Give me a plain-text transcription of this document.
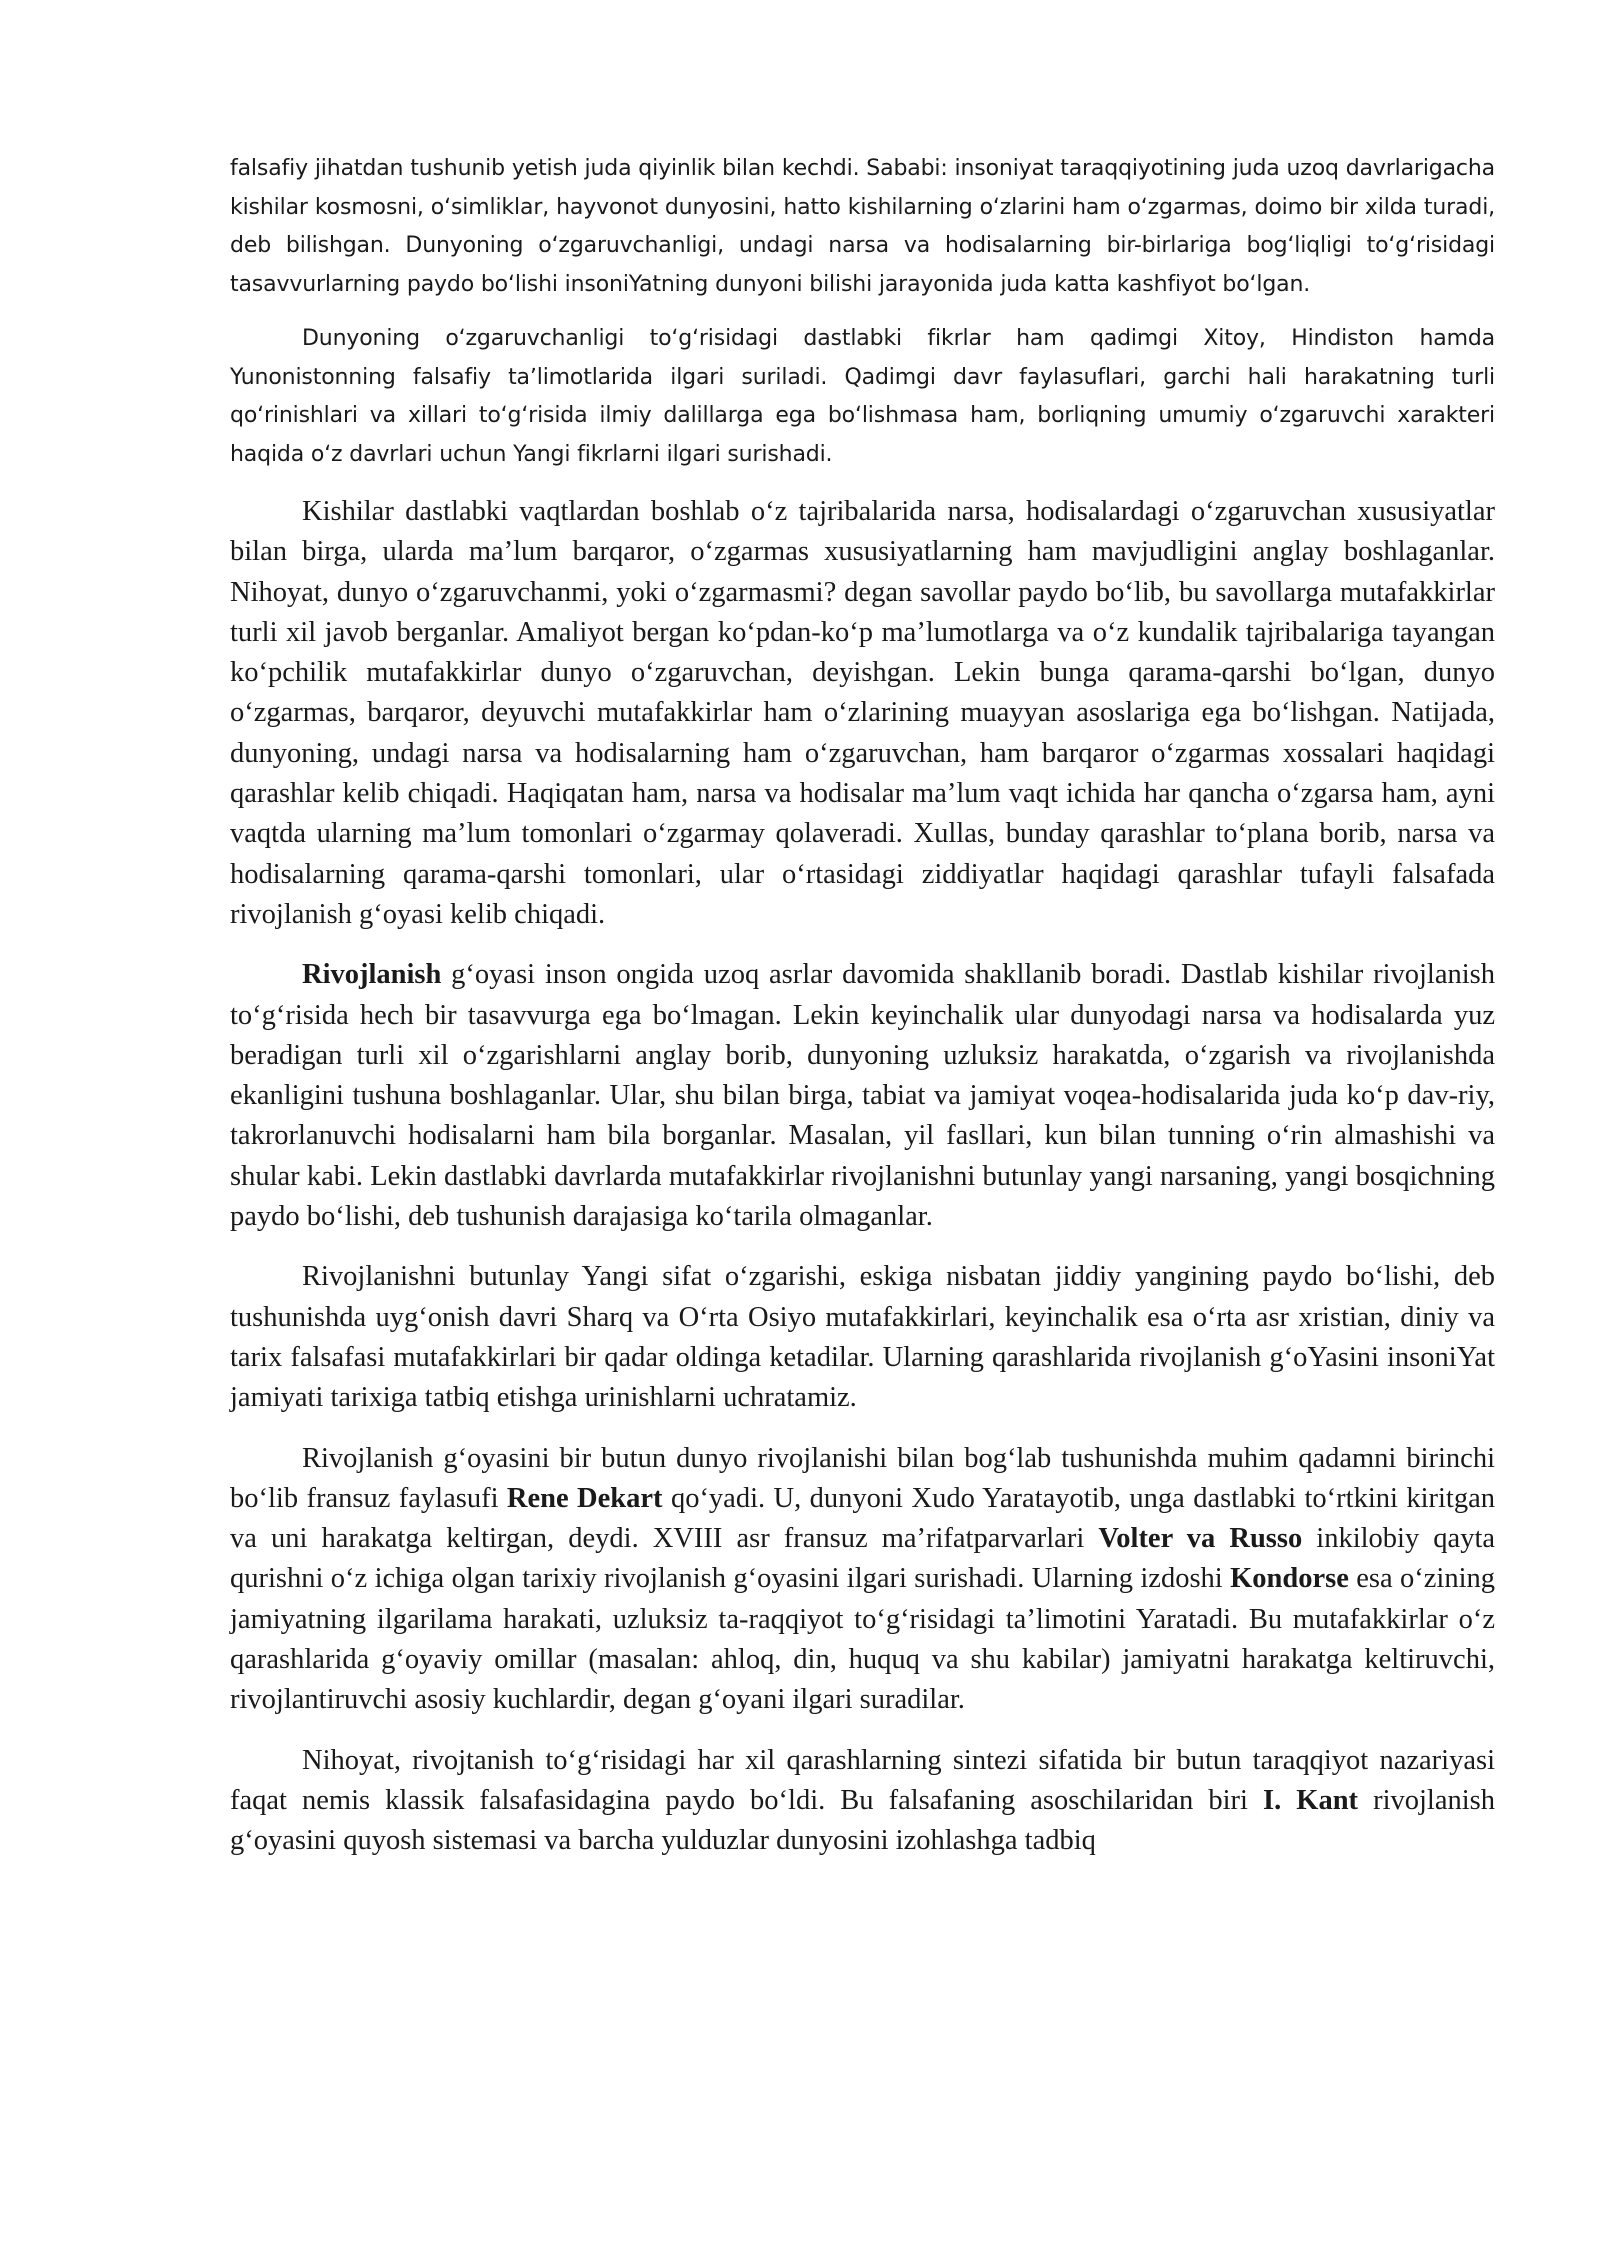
falsafiy jihatdan tushunib yetish juda qiyinlik bilan kechdi. Sababi: insoniyat taraqqiyotining juda uzoq davrlarigacha kishilar kosmosni, oʻsimliklar, hayvonot dunyosini, hatto kishilarning oʻzlarini ham oʻzgarmas, doimo bir xilda turadi, deb bilishgan. Dunyoning oʻzgaruvchanligi, undagi narsa va hodisalarning bir-birlariga bogʻliqligi toʻgʻrisidagi tasavvurlarning paydo boʻlishi insoniYatning dunyoni bilishi jarayonida juda katta kashfiyot boʻlgan.

Dunyoning oʻzgaruvchanligi toʻgʻrisidagi dastlabki fikrlar ham qadimgi Xitoy, Hindiston hamda Yunonistonning falsafiy taʼlimotlarida ilgari suriladi. Qadimgi davr faylasuflari, garchi hali harakatning turli qoʻrinishlari va xillari toʻgʻrisida ilmiy dalillarga ega boʻlishmasa ham, borliqning umumiy oʻzgaruvchi xarakteri haqida oʻz davrlari uchun Yangi fikrlarni ilgari surishadi.

Kishilar dastlabki vaqtlardan boshlab oʻz tajribalarida narsa, hodisalardagi oʻzgaruvchan xususiyatlar bilan birga, ularda maʼlum barqaror, oʻzgarmas xususiyatlarning ham mavjudligini anglay boshlaganlar. Nihoyat, dunyo oʻzgaruvchanmi, yoki oʻzgarmasmi? degan savollar paydo boʻlib, bu savollarga mutafakkirlar turli xil javob berganlar. Amaliyot bergan koʻpdan-koʻp maʼlumotlarga va oʻz kundalik tajribalariga tayangan koʻpchilik mutafakkirlar dunyo oʻzgaruvchan, deyishgan. Lekin bunga qarama-qarshi boʻlgan, dunyo oʻzgarmas, barqaror, deyuvchi mutafakkirlar ham oʻzlarining muayyan asoslariga ega boʻlishgan. Natijada, dunyoning, undagi narsa va hodisalarning ham oʻzgaruvchan, ham barqaror oʻzgarmas xossalari haqidagi qarashlar kelib chiqadi. Haqiqatan ham, narsa va hodisalar maʼlum vaqt ichida har qancha oʻzgarsa ham, ayni vaqtda ularning maʼlum tomonlari oʻzgarmay qolaveradi. Xullas, bunday qarashlar toʻplana borib, narsa va hodisalarning qarama-qarshi tomonlari, ular oʻrtasidagi ziddiyatlar haqidagi qarashlar tufayli falsafada rivojlanish gʻoyasi kelib chiqadi.

Rivojlanish gʻoyasi inson ongida uzoq asrlar davomida shakllanib boradi. Dastlab kishilar rivojlanish toʻgʻrisida hech bir tasavvurga ega boʻlmagan. Lekin keyinchalik ular dunyodagi narsa va hodisalarda yuz beradigan turli xil oʻzgarishlarni anglay borib, dunyoning uzluksiz harakatda, oʻzgarish va rivojlanishda ekanligini tushuna boshlaganlar. Ular, shu bilan birga, tabiat va jamiyat voqea-hodisalarida juda koʻp dav-riy, takrorlanuvchi hodisalarni ham bila borganlar. Masalan, yil fasllari, kun bilan tunning oʻrin almashishi va shular kabi. Lekin dastlabki davrlarda mutafakkirlar rivojlanishni butunlay yangi narsaning, yangi bosqichning paydo boʻlishi, deb tushunish darajasiga koʻtarila olmaganlar.

Rivojlanishni butunlay Yangi sifat oʻzgarishi, eskiga nisbatan jiddiy yangining paydo boʻlishi, deb tushunishda uygʻonish davri Sharq va Oʻrta Osiyo mutafakkirlari, keyinchalik esa oʻrta asr xristian, diniy va tarix falsafasi mutafakkirlari bir qadar oldinga ketadilar. Ularning qarashlarida rivojlanish gʻoYasini insoniYat jamiyati tarixiga tatbiq etishga urinishlarni uchratamiz.

Rivojlanish gʻoyasini bir butun dunyo rivojlanishi bilan bogʻlab tushunishda muhim qadamni birinchi boʻlib fransuz faylasufi Rene Dekart qoʻyadi. U, dunyoni Xudo Yaratayotib, unga dastlabki toʻrtkini kiritgan va uni harakatga keltirgan, deydi. XVIII asr fransuz maʼrifatparvarlari Volter va Russo inkilobiy qayta qurishni oʻz ichiga olgan tarixiy rivojlanish gʻoyasini ilgari surishadi. Ularning izdoshi Kondorse esa oʻzining jamiyatning ilgarilama harakati, uzluksiz ta-raqqiyot toʻgʻrisidagi taʼlimotini Yaratadi. Bu mutafakkirlar oʻz qarashlarida gʻoyaviy omillar (masalan: ahloq, din, huquq va shu kabilar) jamiyatni harakatga keltiruvchi, rivojlantiruvchi asosiy kuchlardir, degan gʻoyani ilgari suradilar.

Nihoyat, rivojtanish toʻgʻrisidagi har xil qarashlarning sintezi sifatida bir butun taraqqiyot nazariyasi faqat nemis klassik falsafasidagina paydo boʻldi. Bu falsafaning asoschilaridan biri I. Kant rivojlanish gʻoyasini quyosh sistemasi va barcha yulduzlar dunyosini izohlashga tadbiq
